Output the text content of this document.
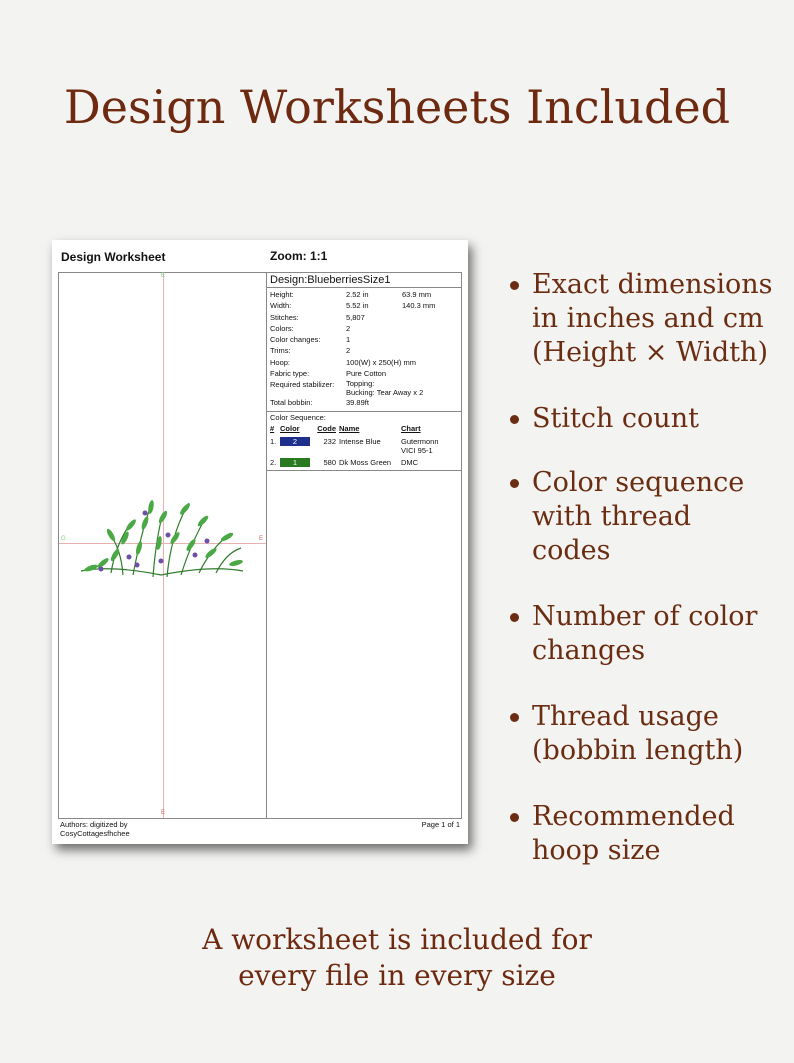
Design Worksheets Included
Design Worksheet	Zoom: 1:1
E
G	E
E
Design:BlueberriesSize1
Height:	2.52 in	63.9 mm
Width:	5.52 in	140.3 mm
Stitches:	5,807
Colors:	2
Color changes:	1
Trims:	2
Hoop:	100(W) x 250(H) mm
Fabric type:	Pure Cotton
Required stabilizer:	Topping:
Bucking: Tear Away x 2
Total bobbin:	39.89ft
Color Sequence:
# Color	Code Name	Chart
1.	2	232 Intense Blue	Gutermonn VICI 95-1
2.	1	580 Dk Moss Green	DMC
Authors: digitized by
CosyCottagesfhchee
Page 1 of 1
Exact dimensions in inches and cm (Height × Width)
Stitch count
Color sequence with thread codes
Number of color changes
Thread usage (bobbin length)
Recommended hoop size
A worksheet is included for
every file in every size
